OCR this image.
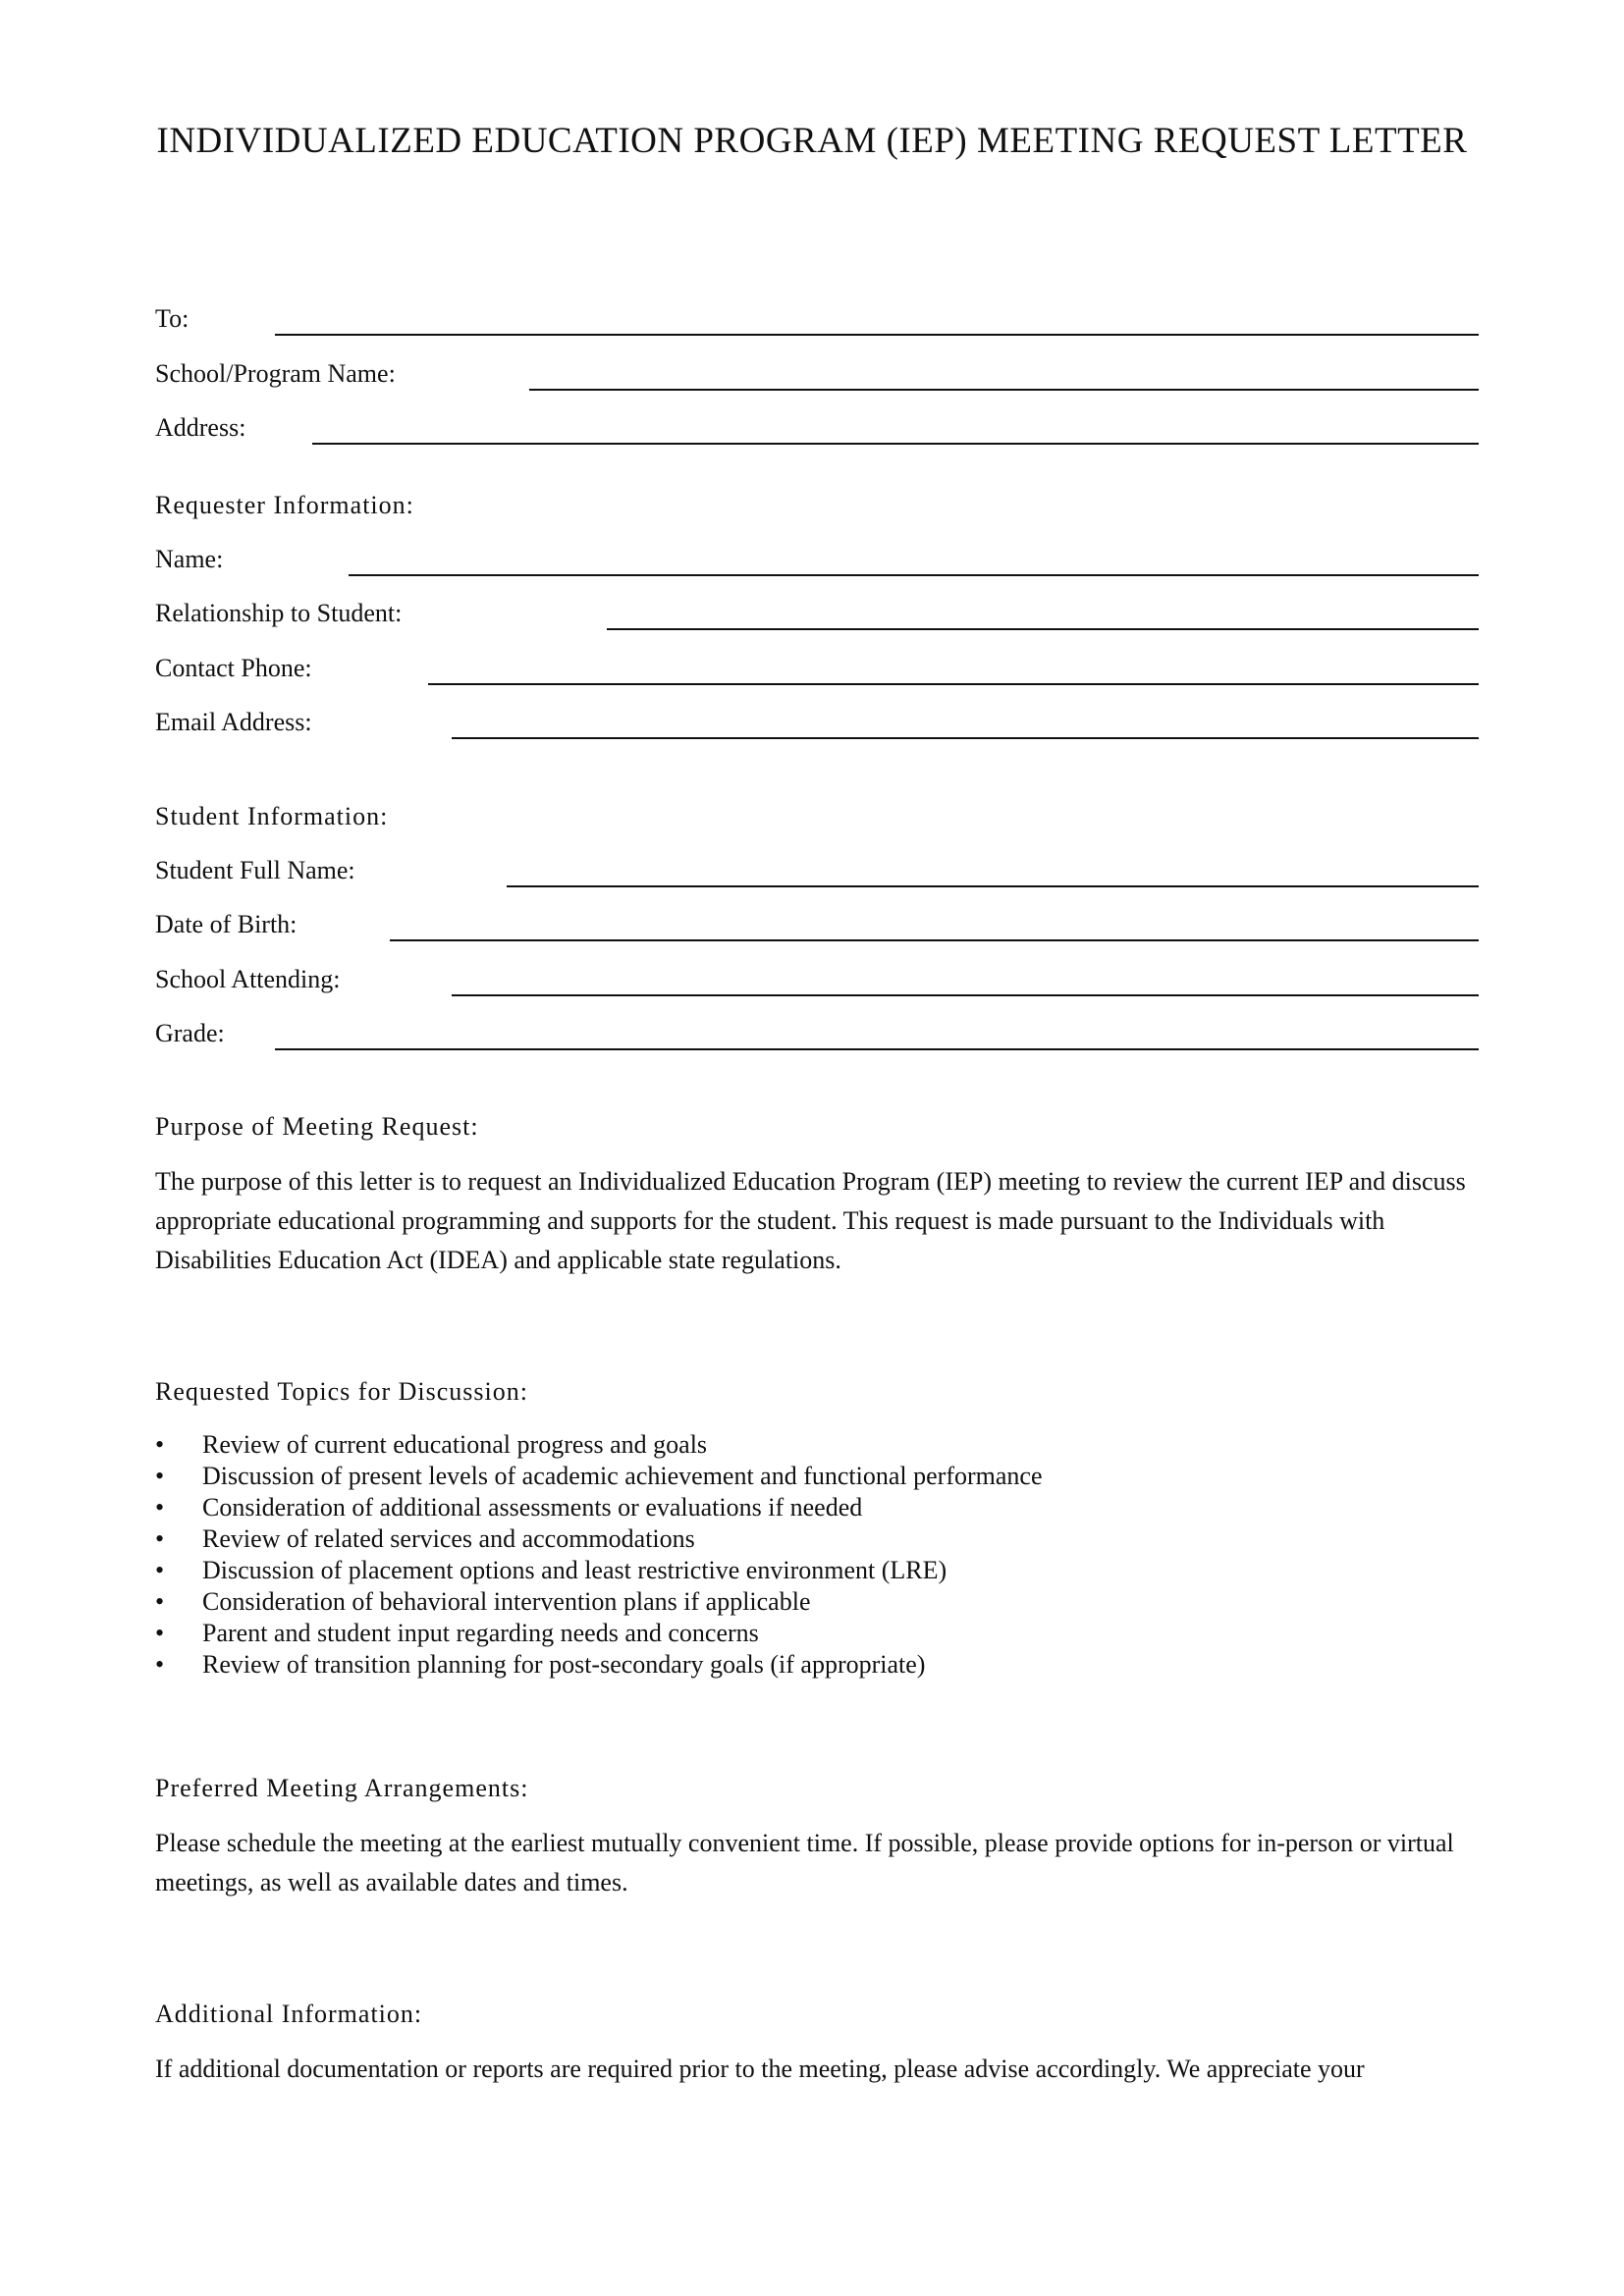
INDIVIDUALIZED EDUCATION PROGRAM (IEP) MEETING REQUEST LETTER
To:
School/Program Name:
Address:
Requester Information:
Name:
Relationship to Student:
Contact Phone:
Email Address:
Student Information:
Student Full Name:
Date of Birth:
School Attending:
Grade:
Purpose of Meeting Request:

The purpose of this letter is to request an Individualized Education Program (IEP) meeting to review the current IEP and discuss appropriate educational programming and supports for the student. This request is made pursuant to the Individuals with Disabilities Education Act (IDEA) and applicable state regulations.

Requested Topics for Discussion:
• Review of current educational progress and goals
• Discussion of present levels of academic achievement and functional performance
• Consideration of additional assessments or evaluations if needed
• Review of related services and accommodations
• Discussion of placement options and least restrictive environment (LRE)
• Consideration of behavioral intervention plans if applicable
• Parent and student input regarding needs and concerns
• Review of transition planning for post-secondary goals (if appropriate)
Preferred Meeting Arrangements:

Please schedule the meeting at the earliest mutually convenient time. If possible, please provide options for in-person or virtual meetings, as well as available dates and times.

Additional Information:

If additional documentation or reports are required prior to the meeting, please advise accordingly. We appreciate your
